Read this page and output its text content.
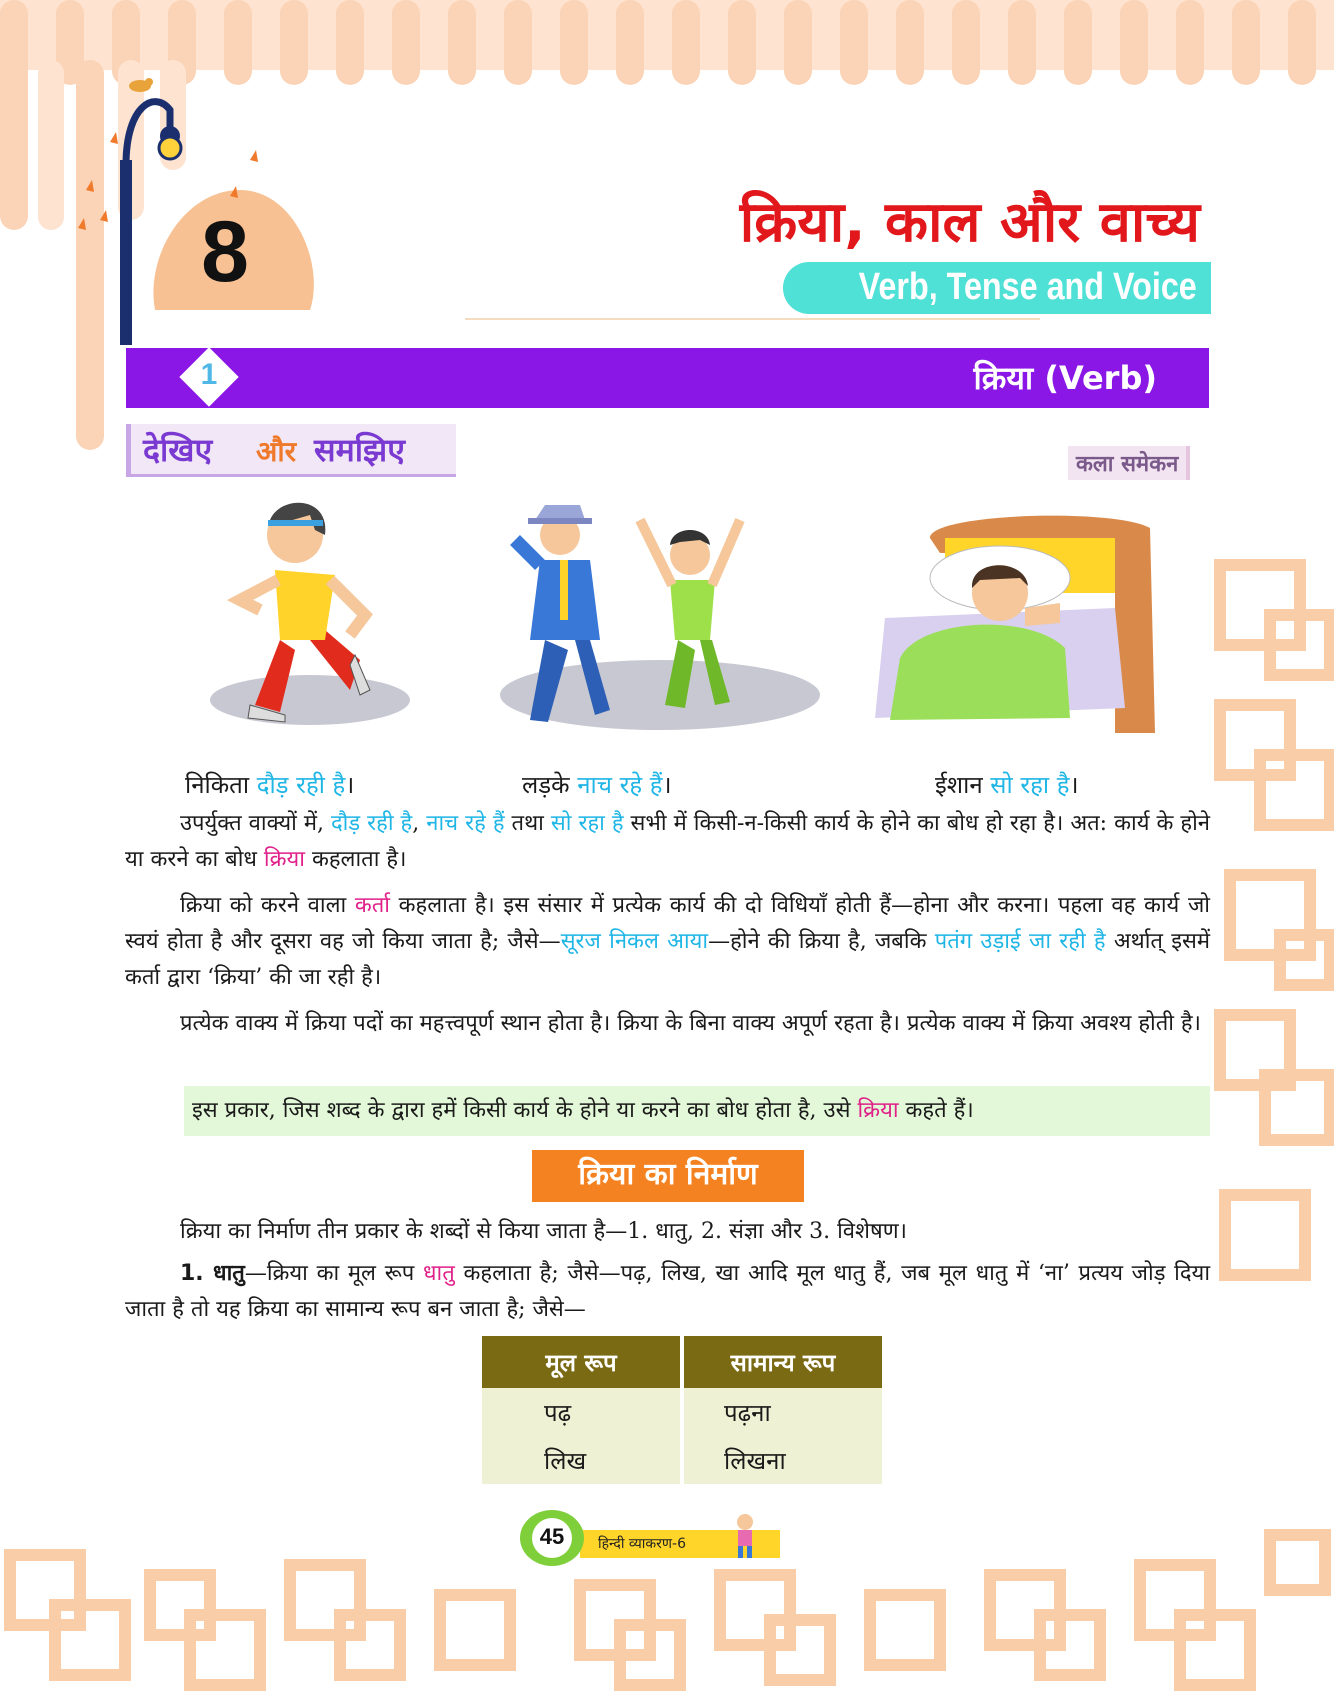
8	क्रिया, काल और वाच्य
Verb, Tense and Voice
1	क्रिया (Verb)
देखिए और समझिए	कला समेकन
निकिता दौड़ रही है।	लड़के नाच रहे हैं।	ईशान सो रहा है।
उपर्युक्त वाक्यों में, दौड़ रही है, नाच रहे हैं तथा सो रहा है सभी में किसी-न-किसी कार्य के होने का बोध हो रहा है। अत: कार्य के होने या करने का बोध क्रिया कहलाता है।
क्रिया को करने वाला कर्ता कहलाता है। इस संसार में प्रत्येक कार्य की दो विधियाँ होती हैं—होना और करना। पहला वह कार्य जो स्वयं होता है और दूसरा वह जो किया जाता है; जैसे—सूरज निकल आया—होने की क्रिया है, जबकि पतंग उड़ाई जा रही है अर्थात् इसमें कर्ता द्वारा ‘क्रिया’ की जा रही है।
प्रत्येक वाक्य में क्रिया पदों का महत्त्वपूर्ण स्थान होता है। क्रिया के बिना वाक्य अपूर्ण रहता है। प्रत्येक वाक्य में क्रिया अवश्य होती है।
इस प्रकार, जिस शब्द के द्वारा हमें किसी कार्य के होने या करने का बोध होता है, उसे क्रिया कहते हैं।
क्रिया का निर्माण
क्रिया का निर्माण तीन प्रकार के शब्दों से किया जाता है—1. धातु, 2. संज्ञा और 3. विशेषण।
1. धातु—क्रिया का मूल रूप धातु कहलाता है; जैसे—पढ़, लिख, खा आदि मूल धातु हैं, जब मूल धातु में ‘ना’ प्रत्यय जोड़ दिया जाता है तो यह क्रिया का सामान्य रूप बन जाता है; जैसे—
मूल रूप	सामान्य रूप
पढ़	पढ़ना
लिख	लिखना
45	हिन्दी व्याकरण-6
